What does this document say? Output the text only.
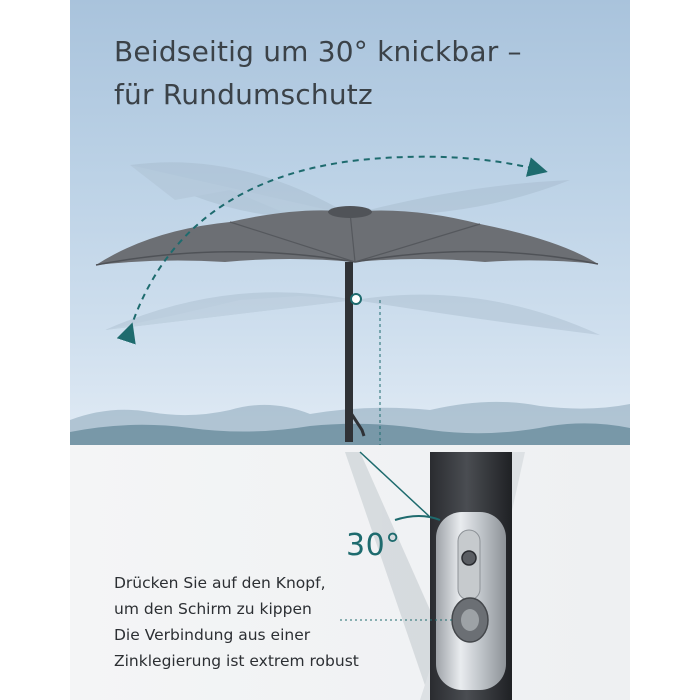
Beidseitig um 30° knickbar –
für Rundumschutz
30°
Drücken Sie auf den Knopf,
um den Schirm zu kippen
Die Verbindung aus einer
Zinklegierung ist extrem robust
